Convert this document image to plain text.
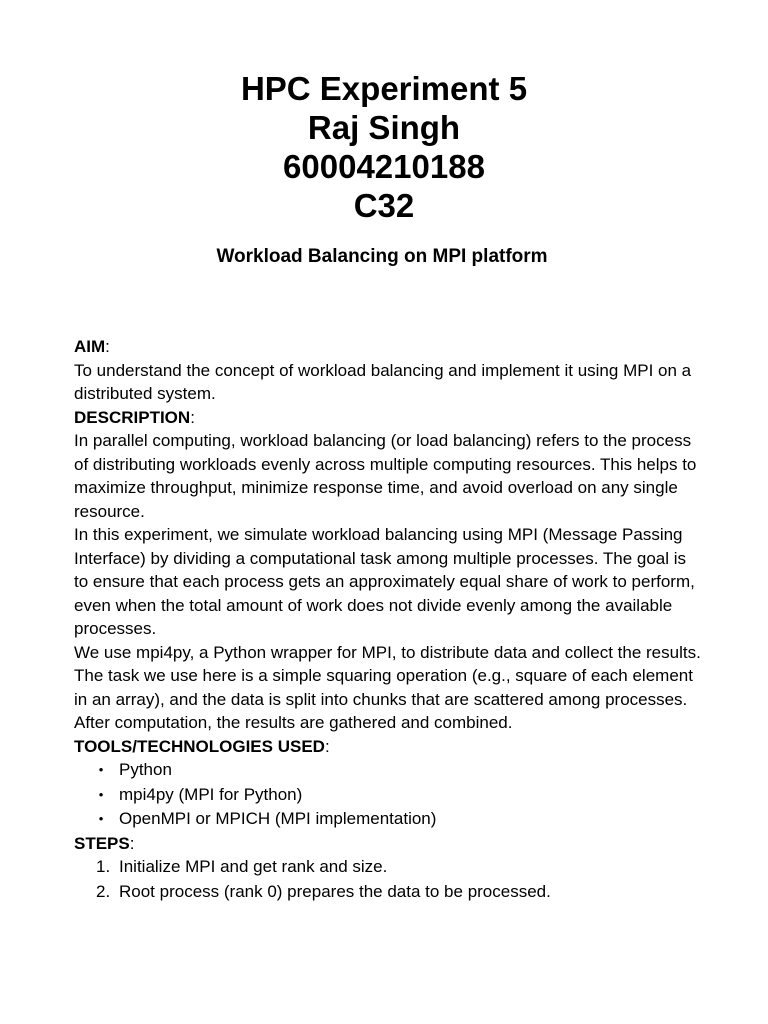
HPC Experiment 5

Raj Singh

60004210188

C32

Workload Balancing on MPI platform

AIM:

To understand the concept of workload balancing and implement it using MPI on a distributed system.

DESCRIPTION:

In parallel computing, workload balancing (or load balancing) refers to the process of distributing workloads evenly across multiple computing resources. This helps to maximize throughput, minimize response time, and avoid overload on any single resource.

In this experiment, we simulate workload balancing using MPI (Message Passing Interface) by dividing a computational task among multiple processes. The goal is to ensure that each process gets an approximately equal share of work to perform, even when the total amount of work does not divide evenly among the available processes.

We use mpi4py, a Python wrapper for MPI, to distribute data and collect the results. The task we use here is a simple squaring operation (e.g., square of each element in an array), and the data is split into chunks that are scattered among processes. After computation, the results are gathered and combined.

TOOLS/TECHNOLOGIES USED:

• Python
• mpi4py (MPI for Python)
• OpenMPI or MPICH (MPI implementation)

STEPS:

1. Initialize MPI and get rank and size.
2. Root process (rank 0) prepares the data to be processed.
